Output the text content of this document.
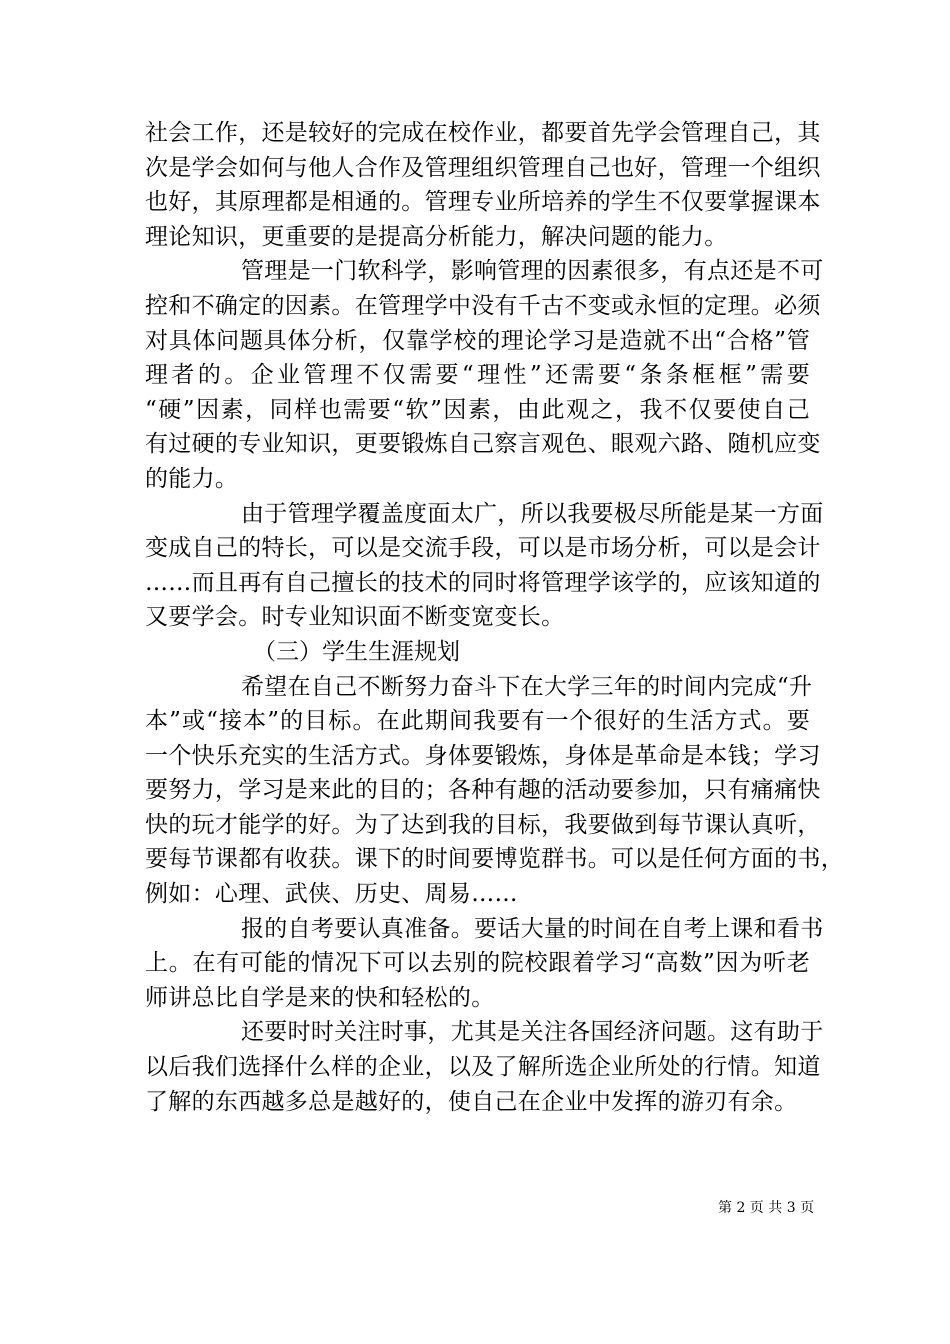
社会工作，还是较好的完成在校作业，都要首先学会管理自己，其
次是学会如何与他人合作及管理组织管理自己也好，管理一个组织
也好，其原理都是相通的。管理专业所培养的学生不仅要掌握课本
理论知识，更重要的是提高分析能力，解决问题的能力。
管理是一门软科学，影响管理的因素很多，有点还是不可
控和不确定的因素。在管理学中没有千古不变或永恒的定理。必须
对具体问题具体分析，仅靠学校的理论学习是造就不出“合格”管
理者的。企业管理不仅需要“理性”还需要“条条框框”需要
“硬”因素，同样也需要“软”因素，由此观之，我不仅要使自己
有过硬的专业知识，更要锻炼自己察言观色、眼观六路、随机应变
的能力。
由于管理学覆盖度面太广，所以我要极尽所能是某一方面
变成自己的特长，可以是交流手段，可以是市场分析，可以是会计
……而且再有自己擅长的技术的同时将管理学该学的，应该知道的
又要学会。时专业知识面不断变宽变长。
（三）学生生涯规划
希望在自己不断努力奋斗下在大学三年的时间内完成“升
本”或“接本”的目标。在此期间我要有一个很好的生活方式。要
一个快乐充实的生活方式。身体要锻炼，身体是革命是本钱；学习
要努力，学习是来此的目的；各种有趣的活动要参加，只有痛痛快
快的玩才能学的好。为了达到我的目标，我要做到每节课认真听，
要每节课都有收获。课下的时间要博览群书。可以是任何方面的书，
例如：心理、武侠、历史、周易……
报的自考要认真准备。要话大量的时间在自考上课和看书
上。在有可能的情况下可以去别的院校跟着学习“高数”因为听老
师讲总比自学是来的快和轻松的。
还要时时关注时事，尤其是关注各国经济问题。这有助于
以后我们选择什么样的企业，以及了解所选企业所处的行情。知道
了解的东西越多总是越好的，使自己在企业中发挥的游刃有余。
第 2 页 共 3 页
